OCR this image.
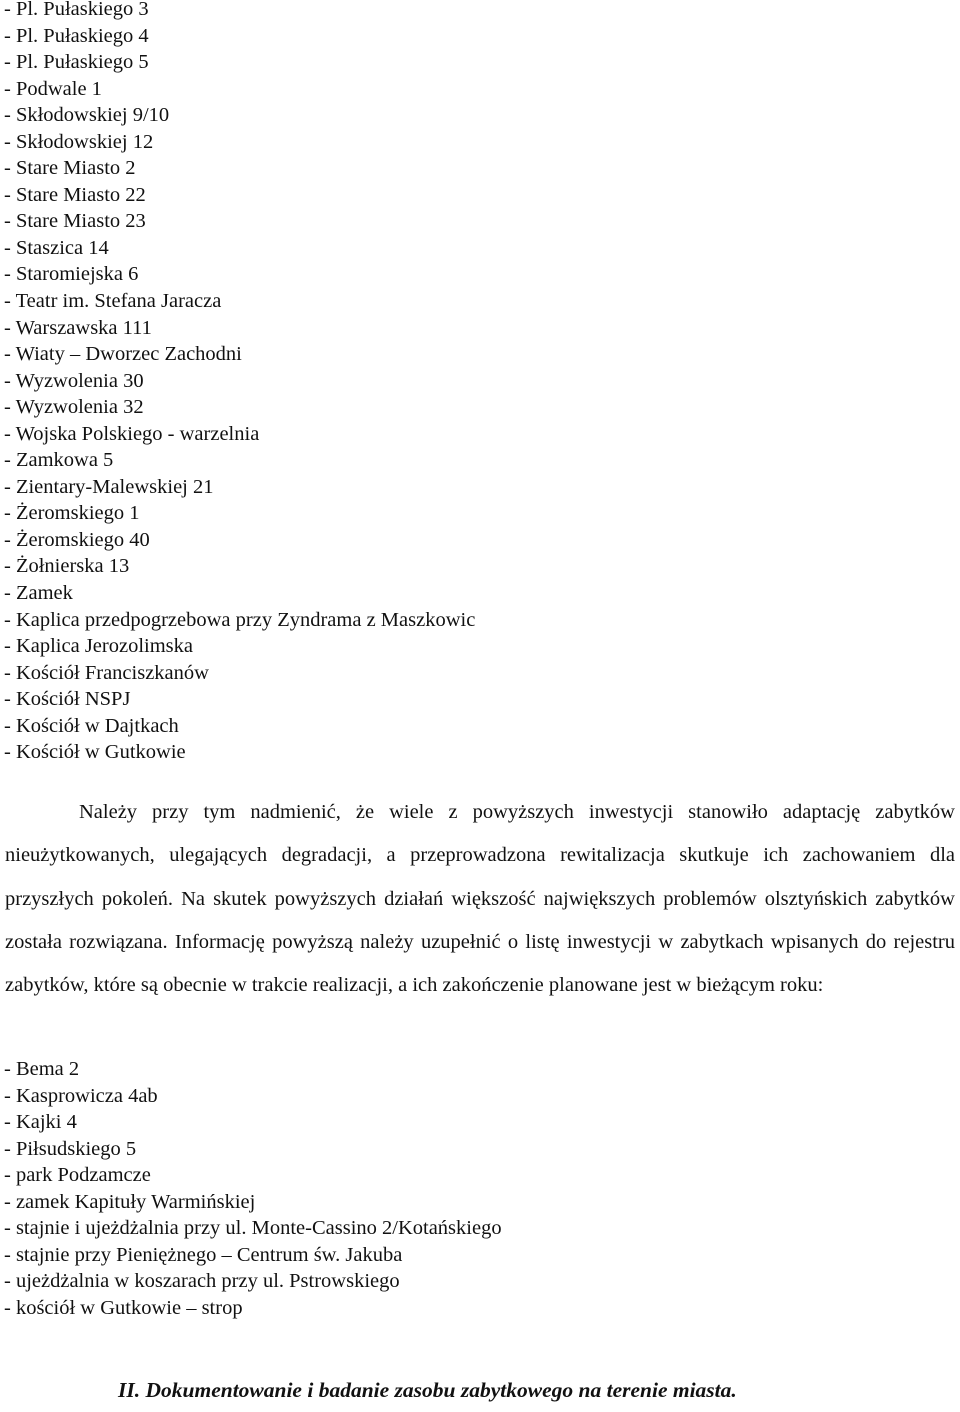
- Pl. Pułaskiego 3
- Pl. Pułaskiego 4
- Pl. Pułaskiego 5
- Podwale 1
- Skłodowskiej 9/10
- Skłodowskiej 12
- Stare Miasto 2
- Stare Miasto 22
- Stare Miasto 23
- Staszica 14
- Staromiejska 6
- Teatr im. Stefana Jaracza
- Warszawska 111
- Wiaty – Dworzec Zachodni
- Wyzwolenia 30
- Wyzwolenia 32
- Wojska Polskiego - warzelnia
- Zamkowa 5
- Zientary-Malewskiej 21
- Żeromskiego 1
- Żeromskiego 40
- Żołnierska 13
- Zamek
- Kaplica przedpogrzebowa przy Zyndrama z Maszkowic
- Kaplica Jerozolimska
- Kościół Franciszkanów
- Kościół NSPJ
- Kościół w Dajtkach
- Kościół w Gutkowie

Należy przy tym nadmienić, że wiele z powyższych inwestycji stanowiło adaptację zabytków nieużytkowanych, ulegających degradacji, a przeprowadzona rewitalizacja skutkuje ich zachowaniem dla przyszłych pokoleń. Na skutek powyższych działań większość największych problemów olsztyńskich zabytków została rozwiązana. Informację powyższą należy uzupełnić o listę inwestycji w zabytkach wpisanych do rejestru zabytków, które są obecnie w trakcie realizacji, a ich zakończenie planowane jest w bieżącym roku:

- Bema 2
- Kasprowicza 4ab
- Kajki 4
- Piłsudskiego 5
- park Podzamcze
- zamek Kapituły Warmińskiej
- stajnie i ujeżdżalnia przy ul. Monte-Cassino 2/Kotańskiego
- stajnie przy Pieniężnego – Centrum św. Jakuba
- ujeżdżalnia w koszarach przy ul. Pstrowskiego
- kościół w Gutkowie – strop

II. Dokumentowanie i badanie zasobu zabytkowego na terenie miasta.
